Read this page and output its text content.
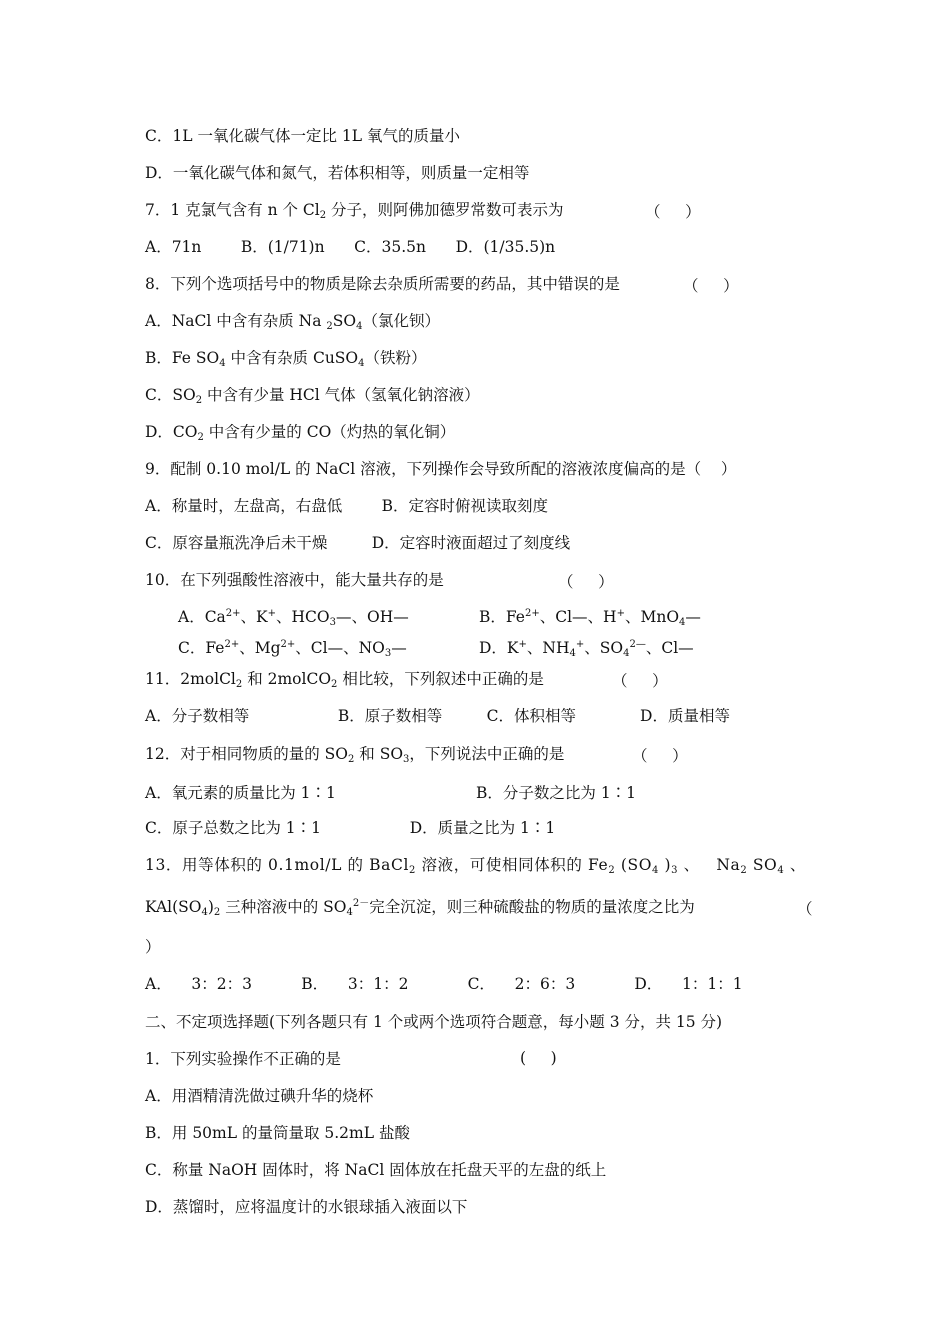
C．1L 一氧化碳气体一定比 1L 氧气的质量小
D．一氧化碳气体和氮气，若体积相等，则质量一定相等
7．1 克氯气含有 n 个 $Cl_2$ 分子，则阿佛加德罗常数可表示为	（     ）
A．71n        B．(1/71)n      C．35.5n      D．(1/35.5)n
8．下列个选项括号中的物质是除去杂质所需要的药品，其中错误的是	（     ）
A．NaCl 中含有杂质 Na $_2SO_4$（氯化钡）
B．Fe $SO_4$ 中含有杂质 CuSO$_4$（铁粉）
C．$SO_2$ 中含有少量 HCl 气体（氢氧化钠溶液）
D．$CO_2$ 中含有少量的 CO（灼热的氧化铜）
9．配制 0.10 mol/L 的 NaCl 溶液，下列操作会导致所配的溶液浓度偏高的是（    ）
A．称量时，左盘高，右盘低        B．定容时俯视读取刻度
C．原容量瓶洗净后未干燥         D．定容时液面超过了刻度线
10．在下列强酸性溶液中，能大量共存的是	（     ）
A．$Ca^{2+}$、K+、$HCO_3—$、OH—	B．$Fe^{2+}$、Cl—、H+、MnO$_4$—
C．$Fe^{2+}$、$Mg^{2+}$、Cl—、$NO_3—$	D．K+、$NH_4^+$、$SO_4^{2—}$、Cl—
11．2molCl$_2$ 和 2molCO$_2$ 相比较，下列叙述中正确的是	（     ）
A．分子数相等                  B．原子数相等         C．体积相等             D．质量相等
12．对于相同物质的量的 $SO_2$ 和 $SO_3$，下列说法中正确的是	（     ）
A．氧元素的质量比为 1∶1	B．分子数之比为 1∶1
C．原子总数之比为 1∶1                  D．质量之比为 1∶1
13．用等体积的 0.1mol/L 的 BaCl$_2$ 溶液，可使相同体积的 $Fe_2$ ($SO_4$ )$_3$ 、   $Na_2$ $SO_4$ 、
$KAl(SO_4)_2$ 三种溶液中的 $SO_4^{2-}$完全沉淀，则三种硫酸盐的物质的量浓度之比为	（
）
A．    3：2：3          B．    3：1：2            C．    2：6：3            D．    1：1：1
二、不定项选择题(下列各题只有 1 个或两个选项符合题意，每小题 3 分，共 15 分)
1．下列实验操作不正确的是	(     )
A．用酒精清洗做过碘升华的烧杯
B．用 50mL 的量筒量取 5.2mL 盐酸
C．称量 NaOH 固体时，将 NaCl 固体放在托盘天平的左盘的纸上
D．蒸馏时，应将温度计的水银球插入液面以下
